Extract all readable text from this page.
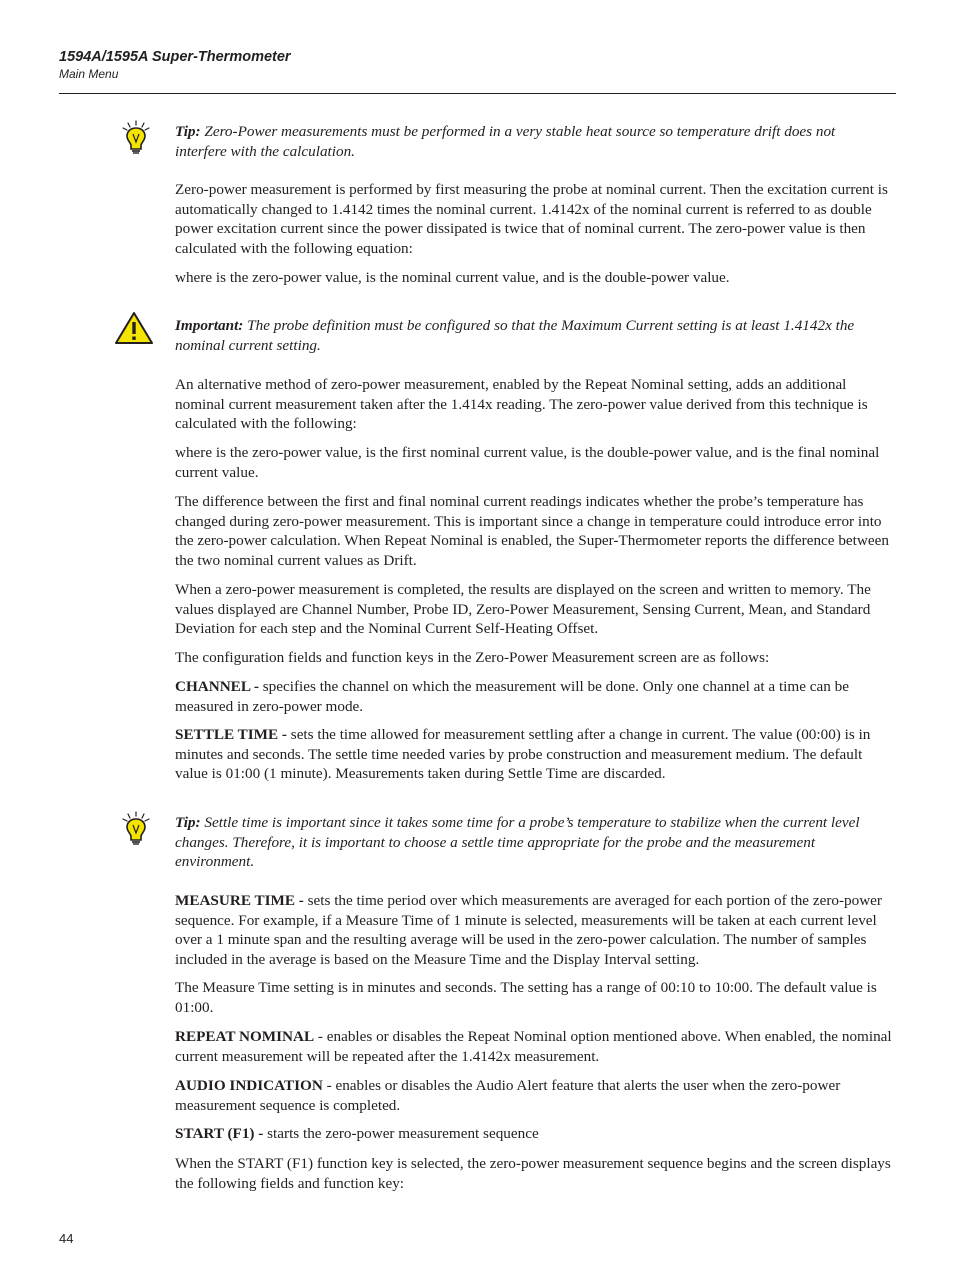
1594A/1595A Super-Thermometer
Main Menu

Tip: Zero-Power measurements must be performed in a very stable heat source so temperature drift does not interfere with the calculation.

Zero-power measurement is performed by first measuring the probe at nominal current. Then the excitation current is automatically changed to 1.4142 times the nominal current. 1.4142x of the nominal current is referred to as double power excitation current since the power dissipated is twice that of nominal current. The zero-power value is then calculated with the following equation:

where is the zero-power value, is the nominal current value, and is the double-power value.

Important: The probe definition must be configured so that the Maximum Current setting is at least 1.4142x the nominal current setting.

An alternative method of zero-power measurement, enabled by the Repeat Nominal setting, adds an additional nominal current measurement taken after the 1.414x reading. The zero-power value derived from this technique is calculated with the following:

where is the zero-power value, is the first nominal current value, is the double-power value, and is the final nominal current value.

The difference between the first and final nominal current readings indicates whether the probe’s temperature has changed during zero-power measurement. This is important since a change in temperature could introduce error into the zero-power calculation. When Repeat Nominal is enabled, the Super-Thermometer reports the difference between the two nominal current values as Drift.

When a zero-power measurement is completed, the results are displayed on the screen and written to memory. The values displayed are Channel Number, Probe ID, Zero-Power Measurement, Sensing Current, Mean, and Standard Deviation for each step and the Nominal Current Self-Heating Offset.

The configuration fields and function keys in the Zero-Power Measurement screen are as follows:

CHANNEL - specifies the channel on which the measurement will be done. Only one channel at a time can be measured in zero-power mode.

SETTLE TIME - sets the time allowed for measurement settling after a change in current. The value (00:00) is in minutes and seconds. The settle time needed varies by probe construction and measurement medium. The default value is 01:00 (1 minute). Measurements taken during Settle Time are discarded.

Tip: Settle time is important since it takes some time for a probe’s temperature to stabilize when the current level changes. Therefore, it is important to choose a settle time appropriate for the probe and the measurement environment.

MEASURE TIME - sets the time period over which measurements are averaged for each portion of the zero-power sequence. For example, if a Measure Time of 1 minute is selected, measurements will be taken at each current level over a 1 minute span and the resulting average will be used in the zero-power calculation. The number of samples included in the average is based on the Measure Time and the Display Interval setting.

The Measure Time setting is in minutes and seconds. The setting has a range of 00:10 to 10:00. The default value is 01:00.

REPEAT NOMINAL - enables or disables the Repeat Nominal option mentioned above. When enabled, the nominal current measurement will be repeated after the 1.4142x measurement.

AUDIO INDICATION - enables or disables the Audio Alert feature that alerts the user when the zero-power measurement sequence is completed.

START (F1) - starts the zero-power measurement sequence

When the START (F1) function key is selected, the zero-power measurement sequence begins and the screen displays the following fields and function key:

44
